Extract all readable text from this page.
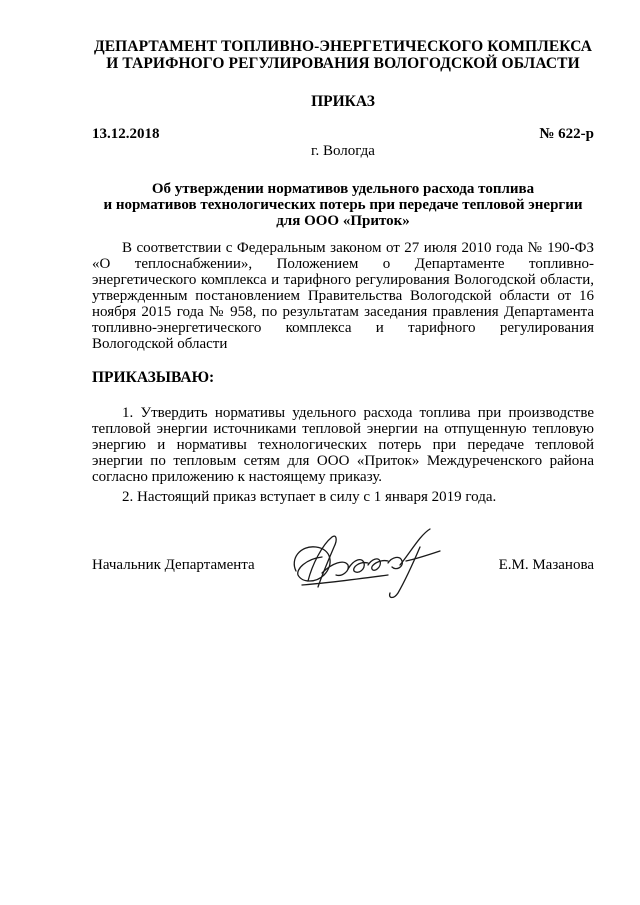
ДЕПАРТАМЕНТ ТОПЛИВНО-ЭНЕРГЕТИЧЕСКОГО КОМПЛЕКСА
И ТАРИФНОГО РЕГУЛИРОВАНИЯ ВОЛОГОДСКОЙ ОБЛАСТИ
ПРИКАЗ
13.12.2018	№ 622-р
г. Вологда
Об утверждении нормативов удельного расхода топлива
и нормативов технологических потерь при передаче тепловой энергии
для ООО «Приток»
В соответствии с Федеральным законом от 27 июля 2010 года № 190-ФЗ «О теплоснабжении», Положением о Департаменте топливно-энергетического комплекса и тарифного регулирования Вологодской области, утвержденным постановлением Правительства Вологодской области от 16 ноября 2015 года № 958, по результатам заседания правления Департамента топливно-энергетического комплекса и тарифного регулирования Вологодской области
ПРИКАЗЫВАЮ:
1. Утвердить нормативы удельного расхода топлива при производстве тепловой энергии источниками тепловой энергии на отпущенную тепловую энергию и нормативы технологических потерь при передаче тепловой энергии по тепловым сетям для ООО «Приток» Междуреченского района согласно приложению к настоящему приказу.
2. Настоящий приказ вступает в силу с 1 января 2019 года.
Начальник Департамента	Е.М. Мазанова
